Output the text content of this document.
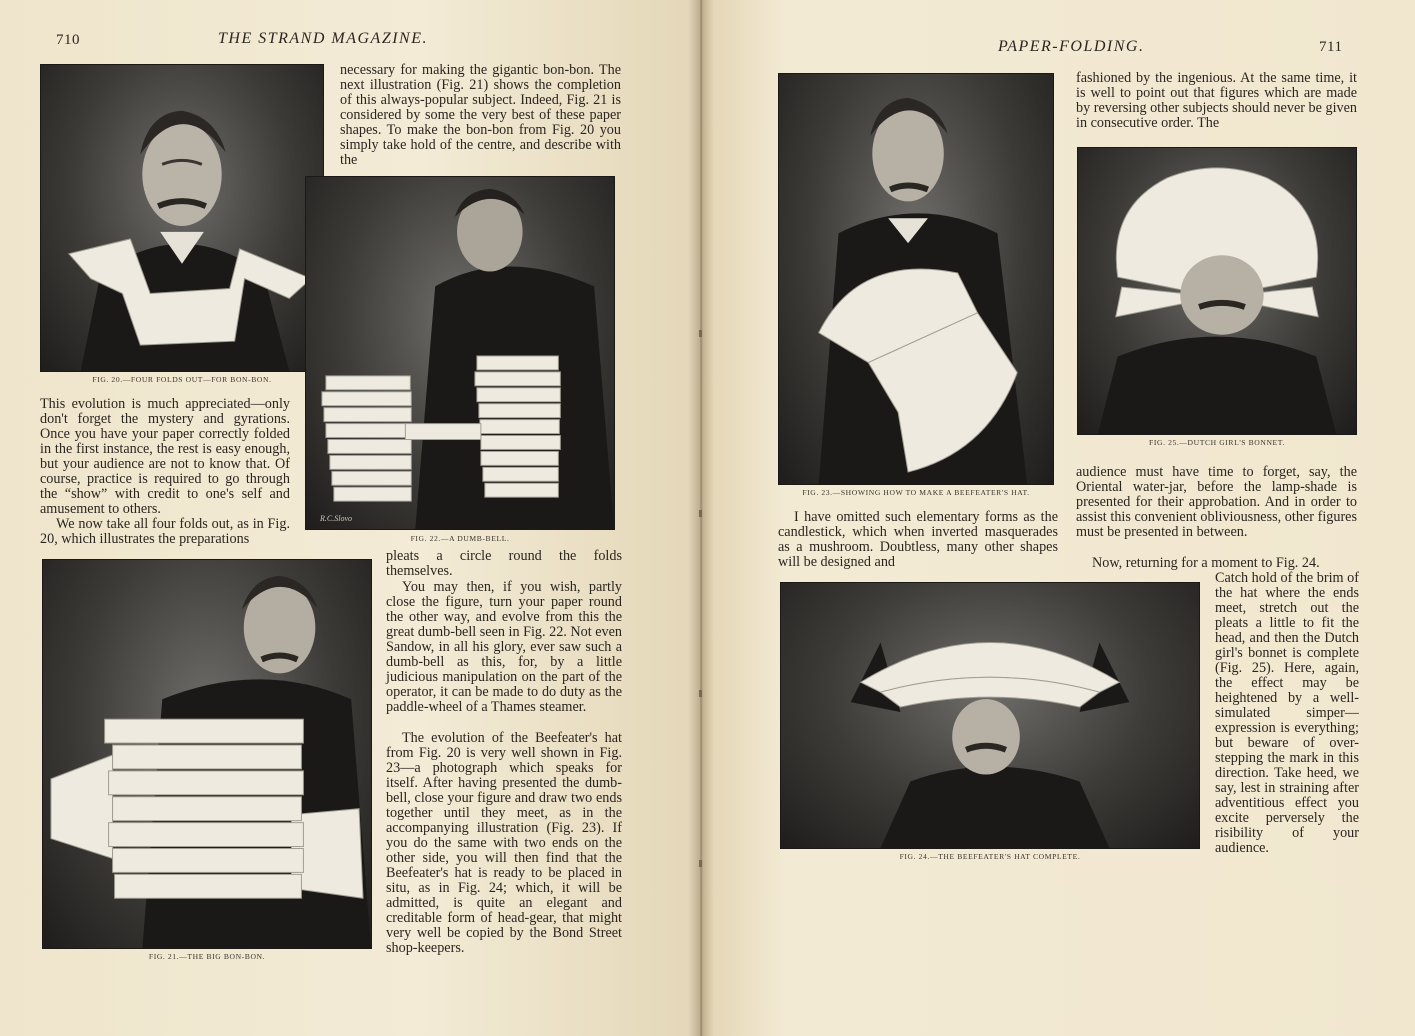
710	THE STRAND MAGAZINE.
FIG. 20.—FOUR FOLDS OUT—FOR BON-BON.
R.C.Slovo
FIG. 22.—A DUMB-BELL.
FIG. 21.—THE BIG BON-BON.
necessary for making the gigantic bon-bon. The next illustration (Fig. 21) shows the completion of this always-popular subject. Indeed, Fig. 21 is considered by some the very best of these paper shapes. To make the bon-bon from Fig. 20 you simply take hold of the centre, and describe with the
This evolution is much appreciated—only don't forget the mystery and gyrations. Once you have your paper correctly folded in the first instance, the rest is easy enough, but your audience are not to know that. Of course, practice is required to go through the “show” with credit to one's self and amusement to others.
We now take all four folds out, as in Fig. 20, which illustrates the preparations
pleats a circle round the folds themselves.
You may then, if you wish, partly close the figure, turn your paper round the other way, and evolve from this the great dumb-bell seen in Fig. 22. Not even Sandow, in all his glory, ever saw such a dumb-bell as this, for, by a little judicious manipulation on the part of the operator, it can be made to do duty as the paddle-wheel of a Thames steamer.
The evolution of the Beefeater's hat from Fig. 20 is very well shown in Fig. 23—a photograph which speaks for itself. After having presented the dumb-bell, close your figure and draw two ends together until they meet, as in the accompanying illustration (Fig. 23). If you do the same with two ends on the other side, you will then find that the Beefeater's hat is ready to be placed in situ, as in Fig. 24; which, it will be admitted, is quite an elegant and creditable form of head-gear, that might very well be copied by the Bond Street shop-keepers.
PAPER-FOLDING.	711
FIG. 23.—SHOWING HOW TO MAKE A BEEFEATER'S HAT.
FIG. 25.—DUTCH GIRL'S BONNET.
FIG. 24.—THE BEEFEATER'S HAT COMPLETE.
fashioned by the ingenious. At the same time, it is well to point out that figures which are made by reversing other subjects should never be given in consecutive order. The
audience must have time to forget, say, the Oriental water-jar, before the lamp-shade is presented for their approbation. And in order to assist this convenient obliviousness, other figures must be presented in between.
Now, returning for a moment to Fig. 24.
Catch hold of the brim of the hat where the ends meet, stretch out the pleats a little to fit the head, and then the Dutch girl's bonnet is complete (Fig. 25). Here, again, the effect may be heightened by a well-simulated simper—expression is everything; but beware of over-stepping the mark in this direction. Take heed, we say, lest in straining after adventitious effect you excite perversely the risibility of your audience.
I have omitted such elementary forms as the candlestick, which when inverted masquerades as a mushroom. Doubtless, many other shapes will be designed and
